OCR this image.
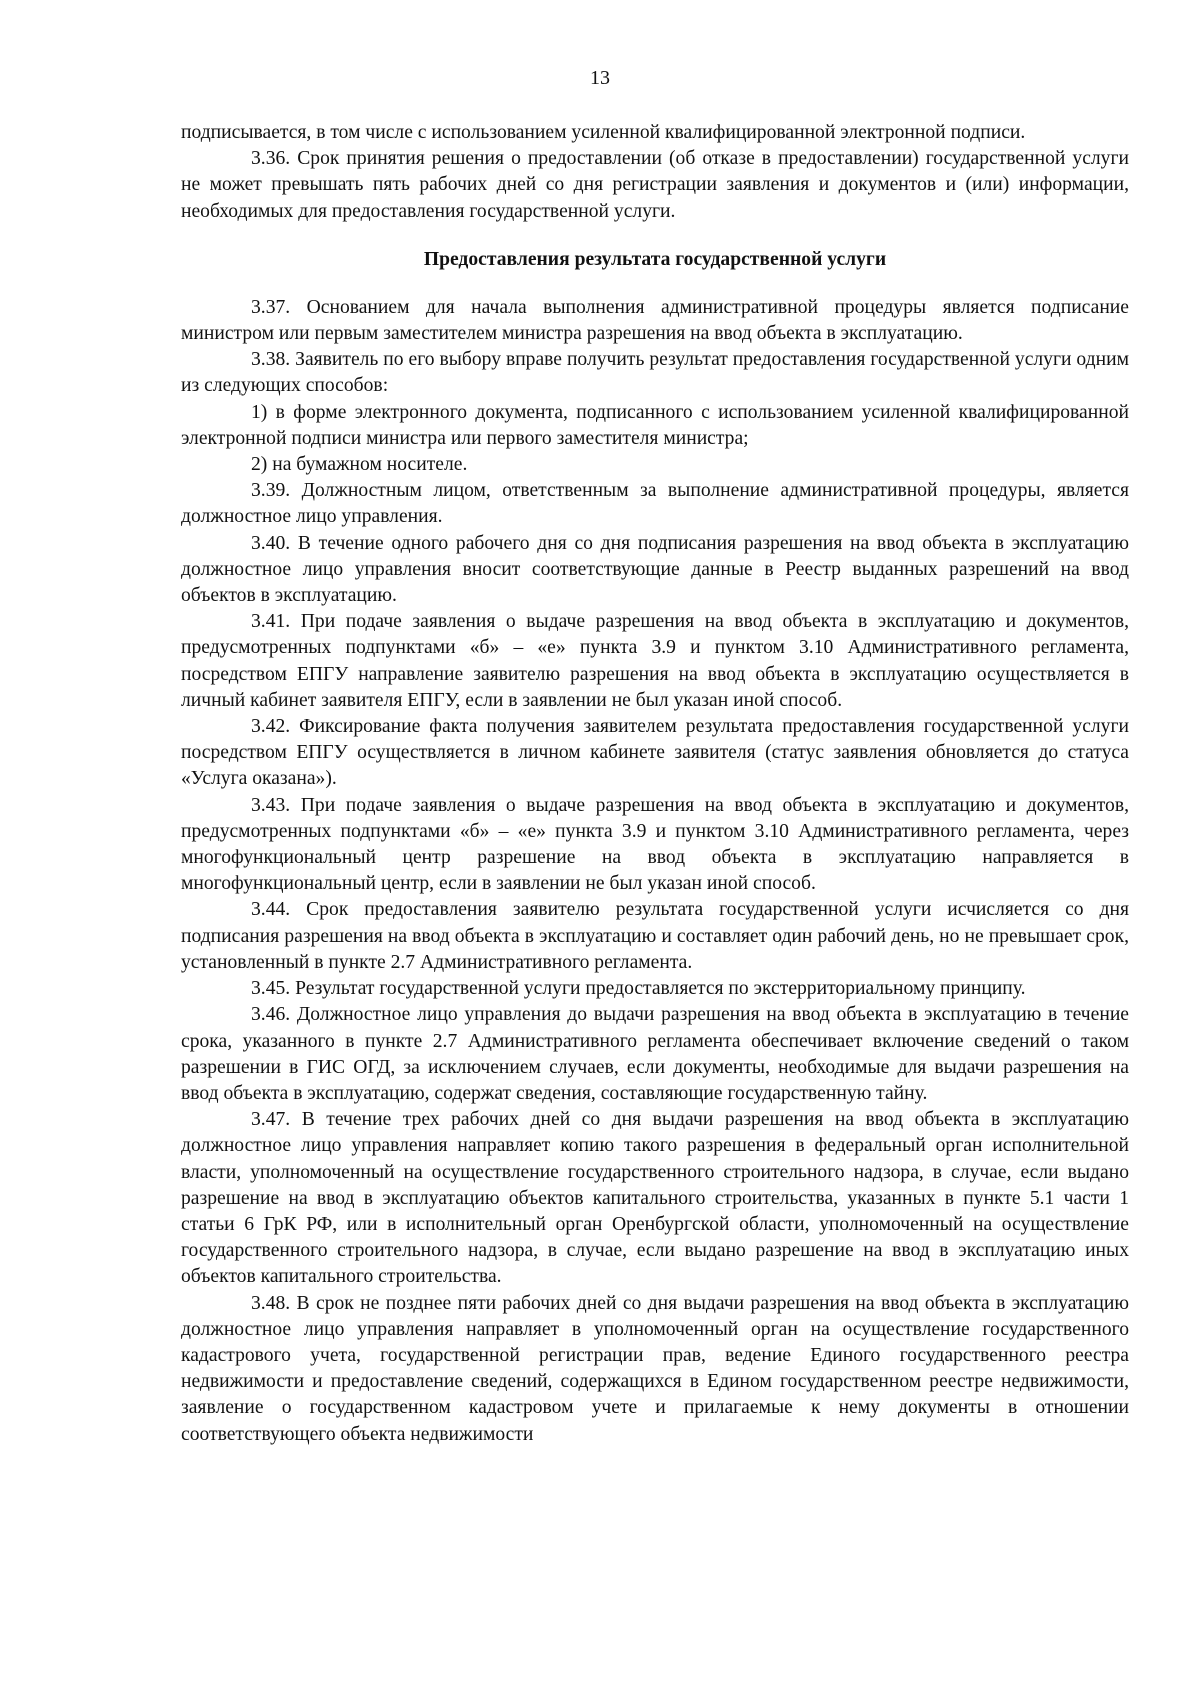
13

подписывается, в том числе с использованием усиленной квалифицированной электронной подписи.

3.36. Срок принятия решения о предоставлении (об отказе в предоставлении) государственной услуги не может превышать пять рабочих дней со дня регистрации заявления и документов и (или) информации, необходимых для предоставления государственной услуги.

Предоставления результата государственной услуги

3.37. Основанием для начала выполнения административной процедуры является подписание министром или первым заместителем министра разрешения на ввод объекта в эксплуатацию.

3.38. Заявитель по его выбору вправе получить результат предоставления государственной услуги одним из следующих способов:

1) в форме электронного документа, подписанного с использованием усиленной квалифицированной электронной подписи министра или первого заместителя министра;

2) на бумажном носителе.

3.39. Должностным лицом, ответственным за выполнение административной процедуры, является должностное лицо управления.

3.40. В течение одного рабочего дня со дня подписания разрешения на ввод объекта в эксплуатацию должностное лицо управления вносит соответствующие данные в Реестр выданных разрешений на ввод объектов в эксплуатацию.

3.41. При подаче заявления о выдаче разрешения на ввод объекта в эксплуатацию и документов, предусмотренных подпунктами «б» – «е» пункта 3.9 и пунктом 3.10 Административного регламента, посредством ЕПГУ направление заявителю разрешения на ввод объекта в эксплуатацию осуществляется в личный кабинет заявителя ЕПГУ, если в заявлении не был указан иной способ.

3.42. Фиксирование факта получения заявителем результата предоставления государственной услуги посредством ЕПГУ осуществляется в личном кабинете заявителя (статус заявления обновляется до статуса «Услуга оказана»).

3.43. При подаче заявления о выдаче разрешения на ввод объекта в эксплуатацию и документов, предусмотренных подпунктами «б» – «е» пункта 3.9 и пунктом 3.10 Административного регламента, через многофункциональный центр разрешение на ввод объекта в эксплуатацию направляется в многофункциональный центр, если в заявлении не был указан иной способ.

3.44. Срок предоставления заявителю результата государственной услуги исчисляется со дня подписания разрешения на ввод объекта в эксплуатацию и составляет один рабочий день, но не превышает срок, установленный в пункте 2.7 Административного регламента.

3.45. Результат государственной услуги предоставляется по экстерриториальному принципу.

3.46. Должностное лицо управления до выдачи разрешения на ввод объекта в эксплуатацию в течение срока, указанного в пункте 2.7 Административного регламента обеспечивает включение сведений о таком разрешении в ГИС ОГД, за исключением случаев, если документы, необходимые для выдачи разрешения на ввод объекта в эксплуатацию, содержат сведения, составляющие государственную тайну.

3.47. В течение трех рабочих дней со дня выдачи разрешения на ввод объекта в эксплуатацию должностное лицо управления направляет копию такого разрешения в федеральный орган исполнительной власти, уполномоченный на осуществление государственного строительного надзора, в случае, если выдано разрешение на ввод в эксплуатацию объектов капитального строительства, указанных в пункте 5.1 части 1 статьи 6 ГрК РФ, или в исполнительный орган Оренбургской области, уполномоченный на осуществление государственного строительного надзора, в случае, если выдано разрешение на ввод в эксплуатацию иных объектов капитального строительства.

3.48. В срок не позднее пяти рабочих дней со дня выдачи разрешения на ввод объекта в эксплуатацию должностное лицо управления направляет в уполномоченный орган на осуществление государственного кадастрового учета, государственной регистрации прав, ведение Единого государственного реестра недвижимости и предоставление сведений, содержащихся в Едином государственном реестре недвижимости, заявление о государственном кадастровом учете и прилагаемые к нему документы в отношении соответствующего объекта недвижимости
